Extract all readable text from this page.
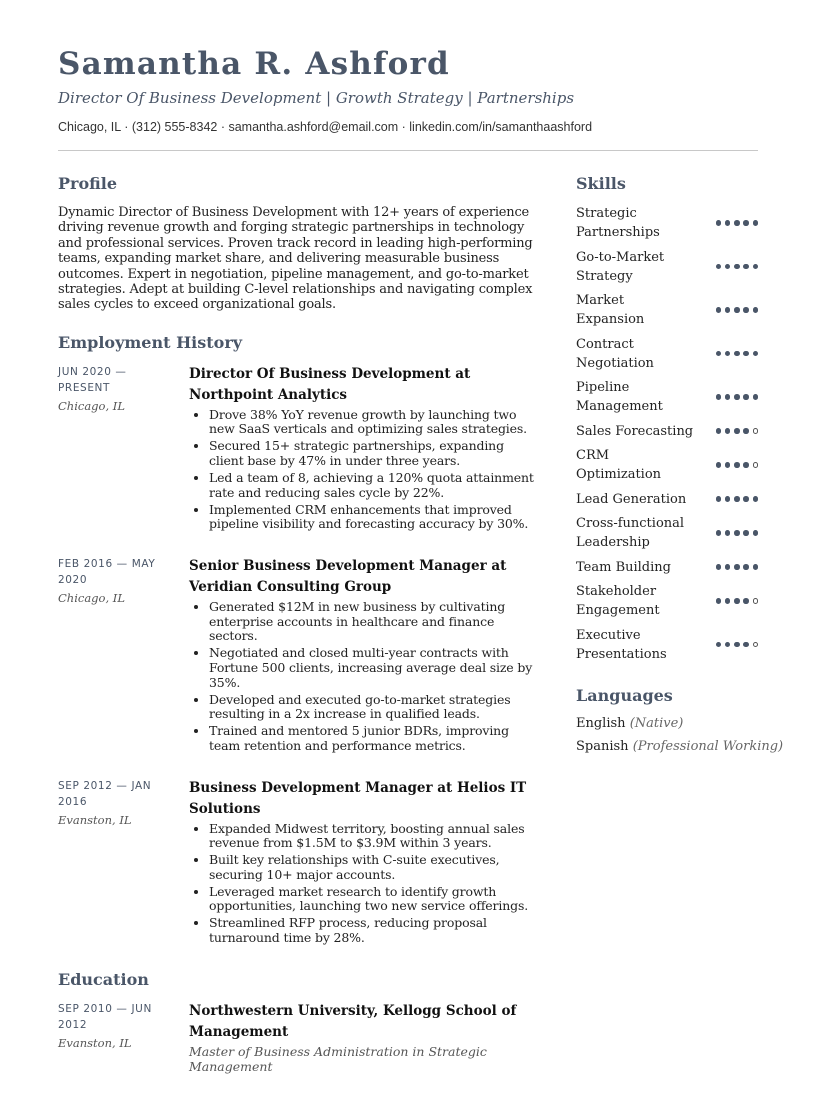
Samantha R. Ashford
Director Of Business Development | Growth Strategy | Partnerships
Chicago, IL · (312) 555-8342 · samantha.ashford@email.com · linkedin.com/in/samanthaashford
Profile

Dynamic Director of Business Development with 12+ years of experience driving revenue growth and forging strategic partnerships in technology and professional services. Proven track record in leading high-performing teams, expanding market share, and delivering measurable business outcomes. Expert in negotiation, pipeline management, and go-to-market strategies. Adept at building C-level relationships and navigating complex sales cycles to exceed organizational goals.

Employment History
JUN 2020 — PRESENT
Chicago, IL
Director Of Business Development at Northpoint Analytics
• Drove 38% YoY revenue growth by launching two new SaaS verticals and optimizing sales strategies.
• Secured 15+ strategic partnerships, expanding client base by 47% in under three years.
• Led a team of 8, achieving a 120% quota attainment rate and reducing sales cycle by 22%.
• Implemented CRM enhancements that improved pipeline visibility and forecasting accuracy by 30%.
FEB 2016 — MAY 2020
Chicago, IL
Senior Business Development Manager at Veridian Consulting Group
• Generated $12M in new business by cultivating enterprise accounts in healthcare and finance sectors.
• Negotiated and closed multi-year contracts with Fortune 500 clients, increasing average deal size by 35%.
• Developed and executed go-to-market strategies resulting in a 2x increase in qualified leads.
• Trained and mentored 5 junior BDRs, improving team retention and performance metrics.
SEP 2012 — JAN 2016
Evanston, IL
Business Development Manager at Helios IT Solutions
• Expanded Midwest territory, boosting annual sales revenue from $1.5M to $3.9M within 3 years.
• Built key relationships with C-suite executives, securing 10+ major accounts.
• Leveraged market research to identify growth opportunities, launching two new service offerings.
• Streamlined RFP process, reducing proposal turnaround time by 28%.
Education
SEP 2010 — JUN 2012
Evanston, IL
Northwestern University, Kellogg School of Management
Master of Business Administration in Strategic Management
Skills
Strategic Partnerships
Go-to-Market Strategy
Market Expansion
Contract Negotiation
Pipeline Management
Sales Forecasting
CRM Optimization
Lead Generation
Cross-functional Leadership
Team Building
Stakeholder Engagement
Executive Presentations
Languages
English (Native)
Spanish (Professional Working)
